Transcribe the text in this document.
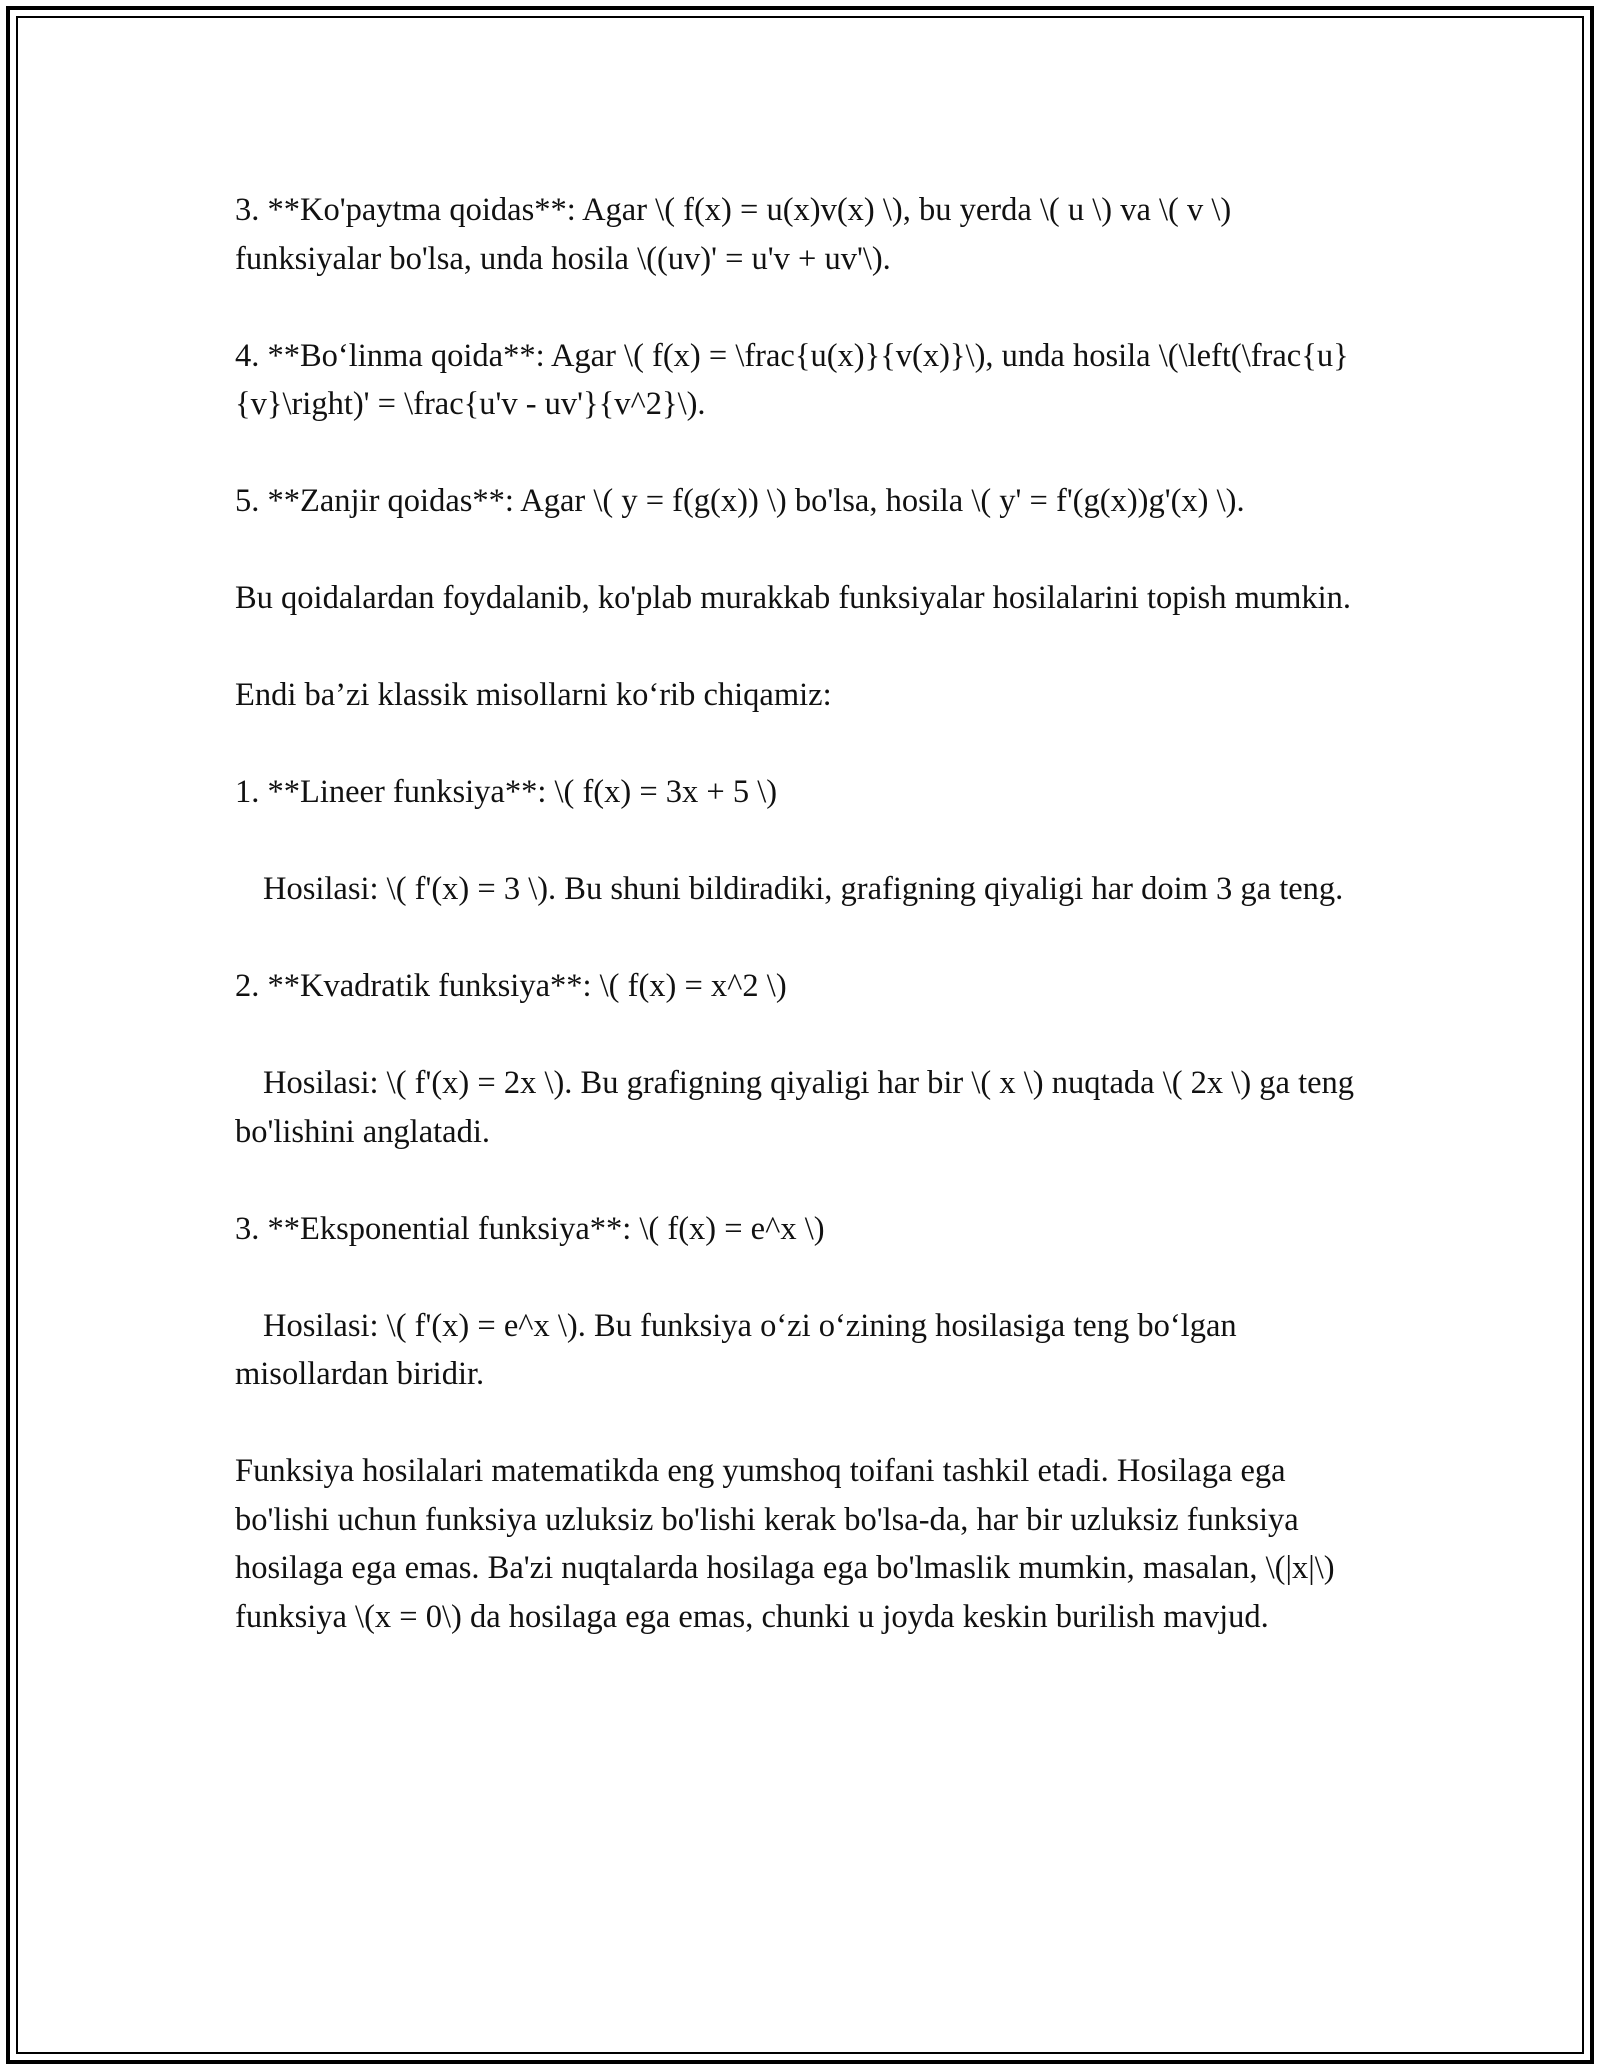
3. **Ko'paytma qoidas**: Agar \( f(x) = u(x)v(x) \), bu yerda \( u \) va \( v \) funksiyalar bo'lsa, unda hosila \((uv)' = u'v + uv'\).

4. **Bo‘linma qoida**: Agar \( f(x) = \frac{u(x)}{v(x)}\), unda hosila \(\left(\frac{u}{v}\right)' = \frac{u'v - uv'}{v^2}\).

5. **Zanjir qoidas**: Agar \( y = f(g(x)) \) bo'lsa, hosila \( y' = f'(g(x))g'(x) \).

Bu qoidalardan foydalanib, ko'plab murakkab funksiyalar hosilalarini topish mumkin.

Endi ba’zi klassik misollarni ko‘rib chiqamiz:

1. **Lineer funksiya**: \( f(x) = 3x + 5 \)

Hosilasi: \( f'(x) = 3 \). Bu shuni bildiradiki, grafigning qiyaligi har doim 3 ga teng.

2. **Kvadratik funksiya**: \( f(x) = x^2 \)

Hosilasi: \( f'(x) = 2x \). Bu grafigning qiyaligi har bir \( x \) nuqtada \( 2x \) ga teng bo'lishini anglatadi.

3. **Eksponential funksiya**: \( f(x) = e^x \)

Hosilasi: \( f'(x) = e^x \). Bu funksiya o‘zi o‘zining hosilasiga teng bo‘lgan misollardan biridir.

Funksiya hosilalari matematikda eng yumshoq toifani tashkil etadi. Hosilaga ega bo'lishi uchun funksiya uzluksiz bo'lishi kerak bo'lsa-da, har bir uzluksiz funksiya hosilaga ega emas. Ba'zi nuqtalarda hosilaga ega bo'lmaslik mumkin, masalan, \(|x|\) funksiya \(x = 0\) da hosilaga ega emas, chunki u joyda keskin burilish mavjud.
